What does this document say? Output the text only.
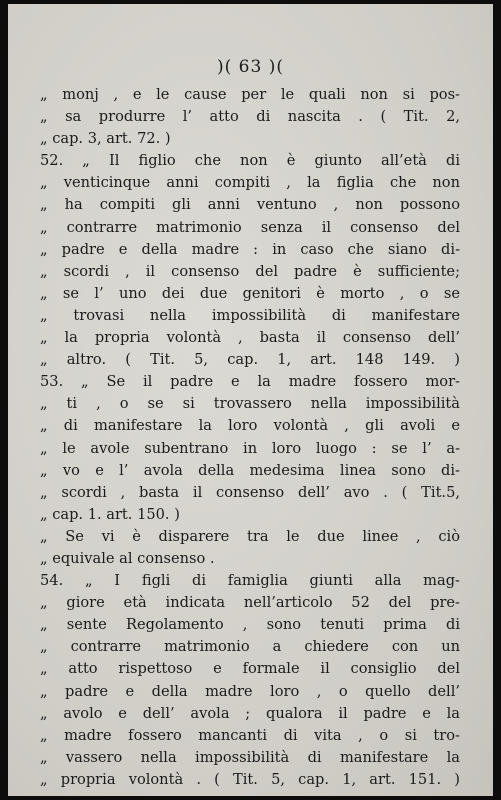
)( 63 )(
„ monj , e le cause per le quali non si pos-
„ sa produrre l’ atto di nascita . ( Tit. 2,
„ cap. 3, art. 72. )
52. „ Il figlio che non è giunto all’età di
„ venticinque anni compiti , la figlia che non
„ ha compiti gli anni ventuno , non possono
„ contrarre matrimonio senza il consenso del
„ padre e della madre : in caso che siano di-
„ scordi , il consenso del padre è sufficiente;
„ se l’ uno dei due genitori è morto , o se
„ trovasi nella impossibilità di manifestare
„ la propria volontà , basta il consenso dell’
„ altro. ( Tit. 5, cap. 1, art. 148 149. )
53. „ Se il padre e la madre fossero mor-
„ ti , o se si trovassero nella impossibilità
„ di manifestare la loro volontà , gli avoli e
„ le avole subentrano in loro luogo : se l’ a-
„ vo e l’ avola della medesima linea sono di-
„ scordi , basta il consenso dell’ avo . ( Tit.5,
„ cap. 1. art. 150. )
„ Se vi è disparere tra le due linee , ciò
„ equivale al consenso .
54. „ I figli di famiglia giunti alla mag-
„ giore età indicata nell’articolo 52 del pre-
„ sente Regolamento , sono tenuti prima di
„ contrarre matrimonio a chiedere con un
„ atto rispettoso e formale il consiglio del
„ padre e della madre loro , o quello dell’
„ avolo e dell’ avola ; qualora il padre e la
„ madre fossero mancanti di vita , o si tro-
„ vassero nella impossibilità di manifestare la
„ propria volontà . ( Tit. 5, cap. 1, art. 151. )
